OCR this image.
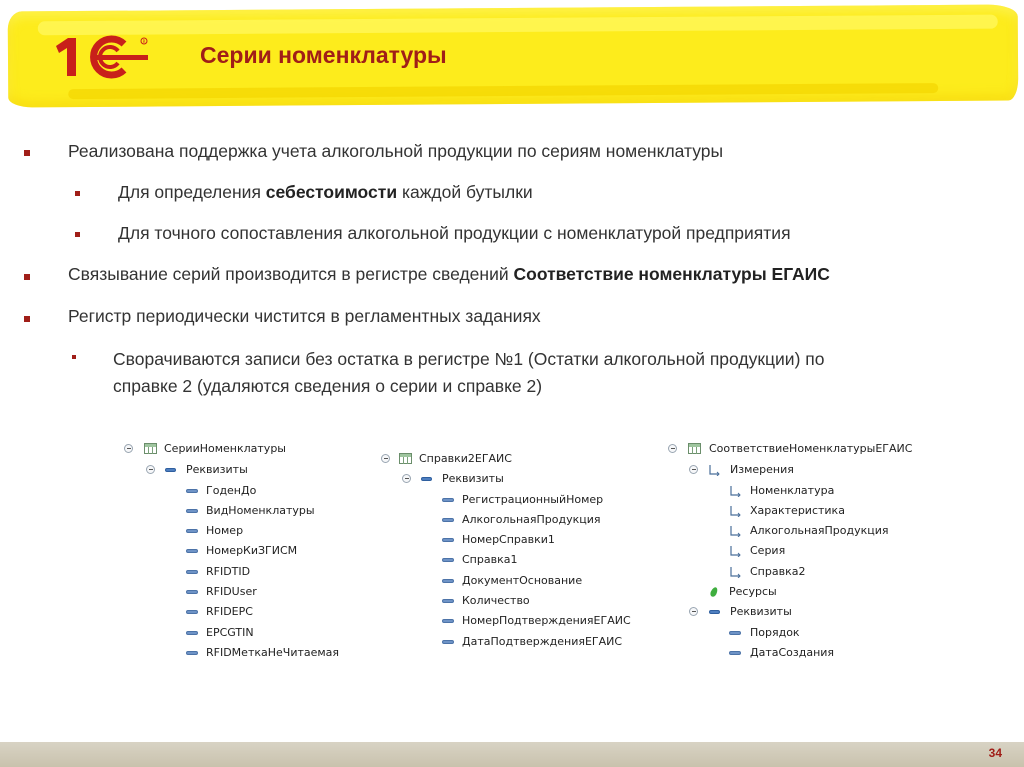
R
Серии номенклатуры
Реализована поддержка учета алкогольной продукции по сериям номенклатуры
Для определения себестоимости каждой бутылки
Для точного сопоставления алкогольной продукции с номенклатурой предприятия
Связывание серий производится в регистре сведений Соответствие номенклатуры ЕГАИС
Регистр периодически чистится в регламентных заданиях
Сворачиваются записи без остатка в регистре №1 (Остатки алкогольной продукции) по
справке 2 (удаляются сведения о серии и справке 2)
СерииНоменклатуры
Реквизиты
ГоденДо
ВидНоменклатуры
Номер
НомерКиЗГИСМ
RFIDTID
RFIDUser
RFIDEPC
EPCGTIN
RFIDМеткаНеЧитаемая
Справки2ЕГАИС
Реквизиты
РегистрационныйНомер
АлкогольнаяПродукция
НомерСправки1
Справка1
ДокументОснование
Количество
НомерПодтвержденияЕГАИС
ДатаПодтвержденияЕГАИС
СоответствиеНоменклатурыЕГАИС
Измерения
Номенклатура
Характеристика
АлкогольнаяПродукция
Серия
Справка2
Ресурсы
Реквизиты
Порядок
ДатаСоздания
34
